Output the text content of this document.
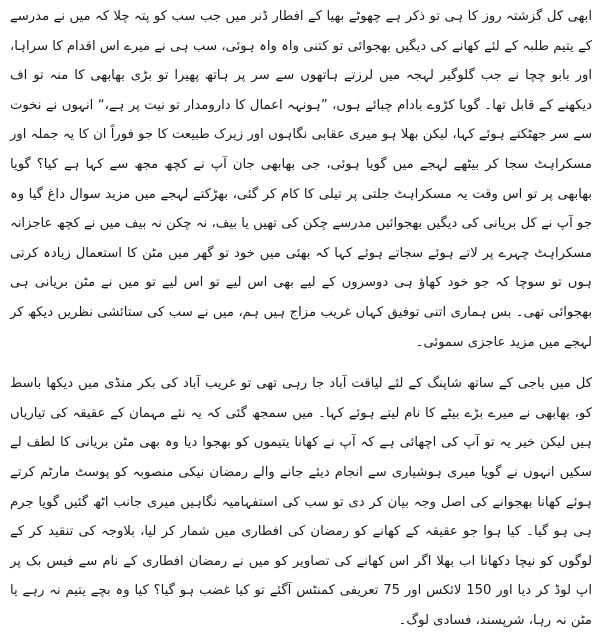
ابھی کل گزشتہ روز کا ہی تو ذکر ہے چھوٹے بھیا کے افطار ڈنر میں جب سب کو پتہ چلا کہ میں نے مدرسے کے یتیم طلبہ کے لئے کھانے کی دیگیں بھجوائی تو کتنی واہ واہ ہوئی، سب ہی نے میرے اس اقدام کا سراہا، اور بابو چچا نے جب گلوگیر لہجہ میں لرزتے ہاتھوں سے سر پر ہاتھ پھیرا تو بڑی بھابھی کا منہ تو اف دیکھنے کے قابل تھا۔ گویا کڑوے بادام چبائے ہوں، ”ہونہہ اعمال کا دارومدار تو نیت پر ہے،“ انہوں نے نخوت سے سر جھٹکتے ہوئے کہا، لیکن بھلا ہو میری عقابی نگاہوں اور زیرک طبیعت کا جو فوراً ان کا یہ جملہ اور مسکراہٹ سجا کر بیٹھے لہجے میں گویا ہوئی، جی بھابھی جان آپ نے کچھ مجھ سے کہا ہے کیا؟ گویا بھابھی پر تو اس وقت یہ مسکراہٹ جلتی پر تیلی کا کام کر گئی، بھڑکتے لہجے میں مزید سوال داغ گیا وہ جو آپ نے کل بریانی کی دیگیں بھجوائیں مدرسے چکن کی تھیں یا بیف، نہ چکن نہ بیف میں نے کچھ عاجزانہ مسکراہٹ چہرے پر لاتے ہوئے سجاتے ہوئے کہا کہ بھئی میں خود تو گھر میں مٹن کا استعمال زیادہ کرتی ہوں تو سوچا کہ جو خود کھاؤ ہی دوسروں کے لیے بھی اس لیے تو اس لیے تو میں نے مٹن بریانی ہی بھجوائی تھی۔ بس ہماری اتنی توفیق کہاں غریب مزاج ہیں ہم، میں نے سب کی ستائشی نظریں دیکھ کر لہجے میں مزید عاجزی سموئی۔

کل میں باجی کے ساتھ شاپنگ کے لئے لیاقت آباد جا رہی تھی تو غریب آباد کی بکر منڈی میں دیکھا باسط کو، بھابھی نے میرے بڑے بیٹے کا نام لیتے ہوئے کہا۔ میں سمجھ گئی کہ یہ نئے مہمان کے عقیقہ کی تیاریاں ہیں لیکن خیر یہ تو آپ کی اچھائی ہے کہ آپ نے کھانا یتیموں کو بھجوا دیا وہ بھی مٹن بریانی کا لطف لے سکیں انہوں نے گویا میری ہوشیاری سے انجام دیئے جانے والے رمضان نیکی منصوبہ کو پوسٹ مارٹم کرتے ہوئے کھانا بھجوانے کی اصل وجہ بیان کر دی تو سب کی استفہامیہ نگاہیں میری جانب اٹھ گئیں گویا جرم ہی ہو گیا۔ کیا ہوا جو عقیقہ کے کھانے کو رمضان کی افطاری میں شمار کر لیا، بلاوجہ کی تنقید کر کے لوگوں کو نیچا دکھانا اب بھلا اگر اس کھانے کی تصاویر کو میں نے رمضان افطاری کے نام سے فیس بک پر اپ لوڈ کر دیا اور 150 لائکس اور 75 تعریفی کمنٹس آگئے تو کیا غضب ہو گیا؟ کیا وہ بچے یتیم نہ رہے یا مٹن نہ رہا، شرپسند، فسادی لوگ۔
